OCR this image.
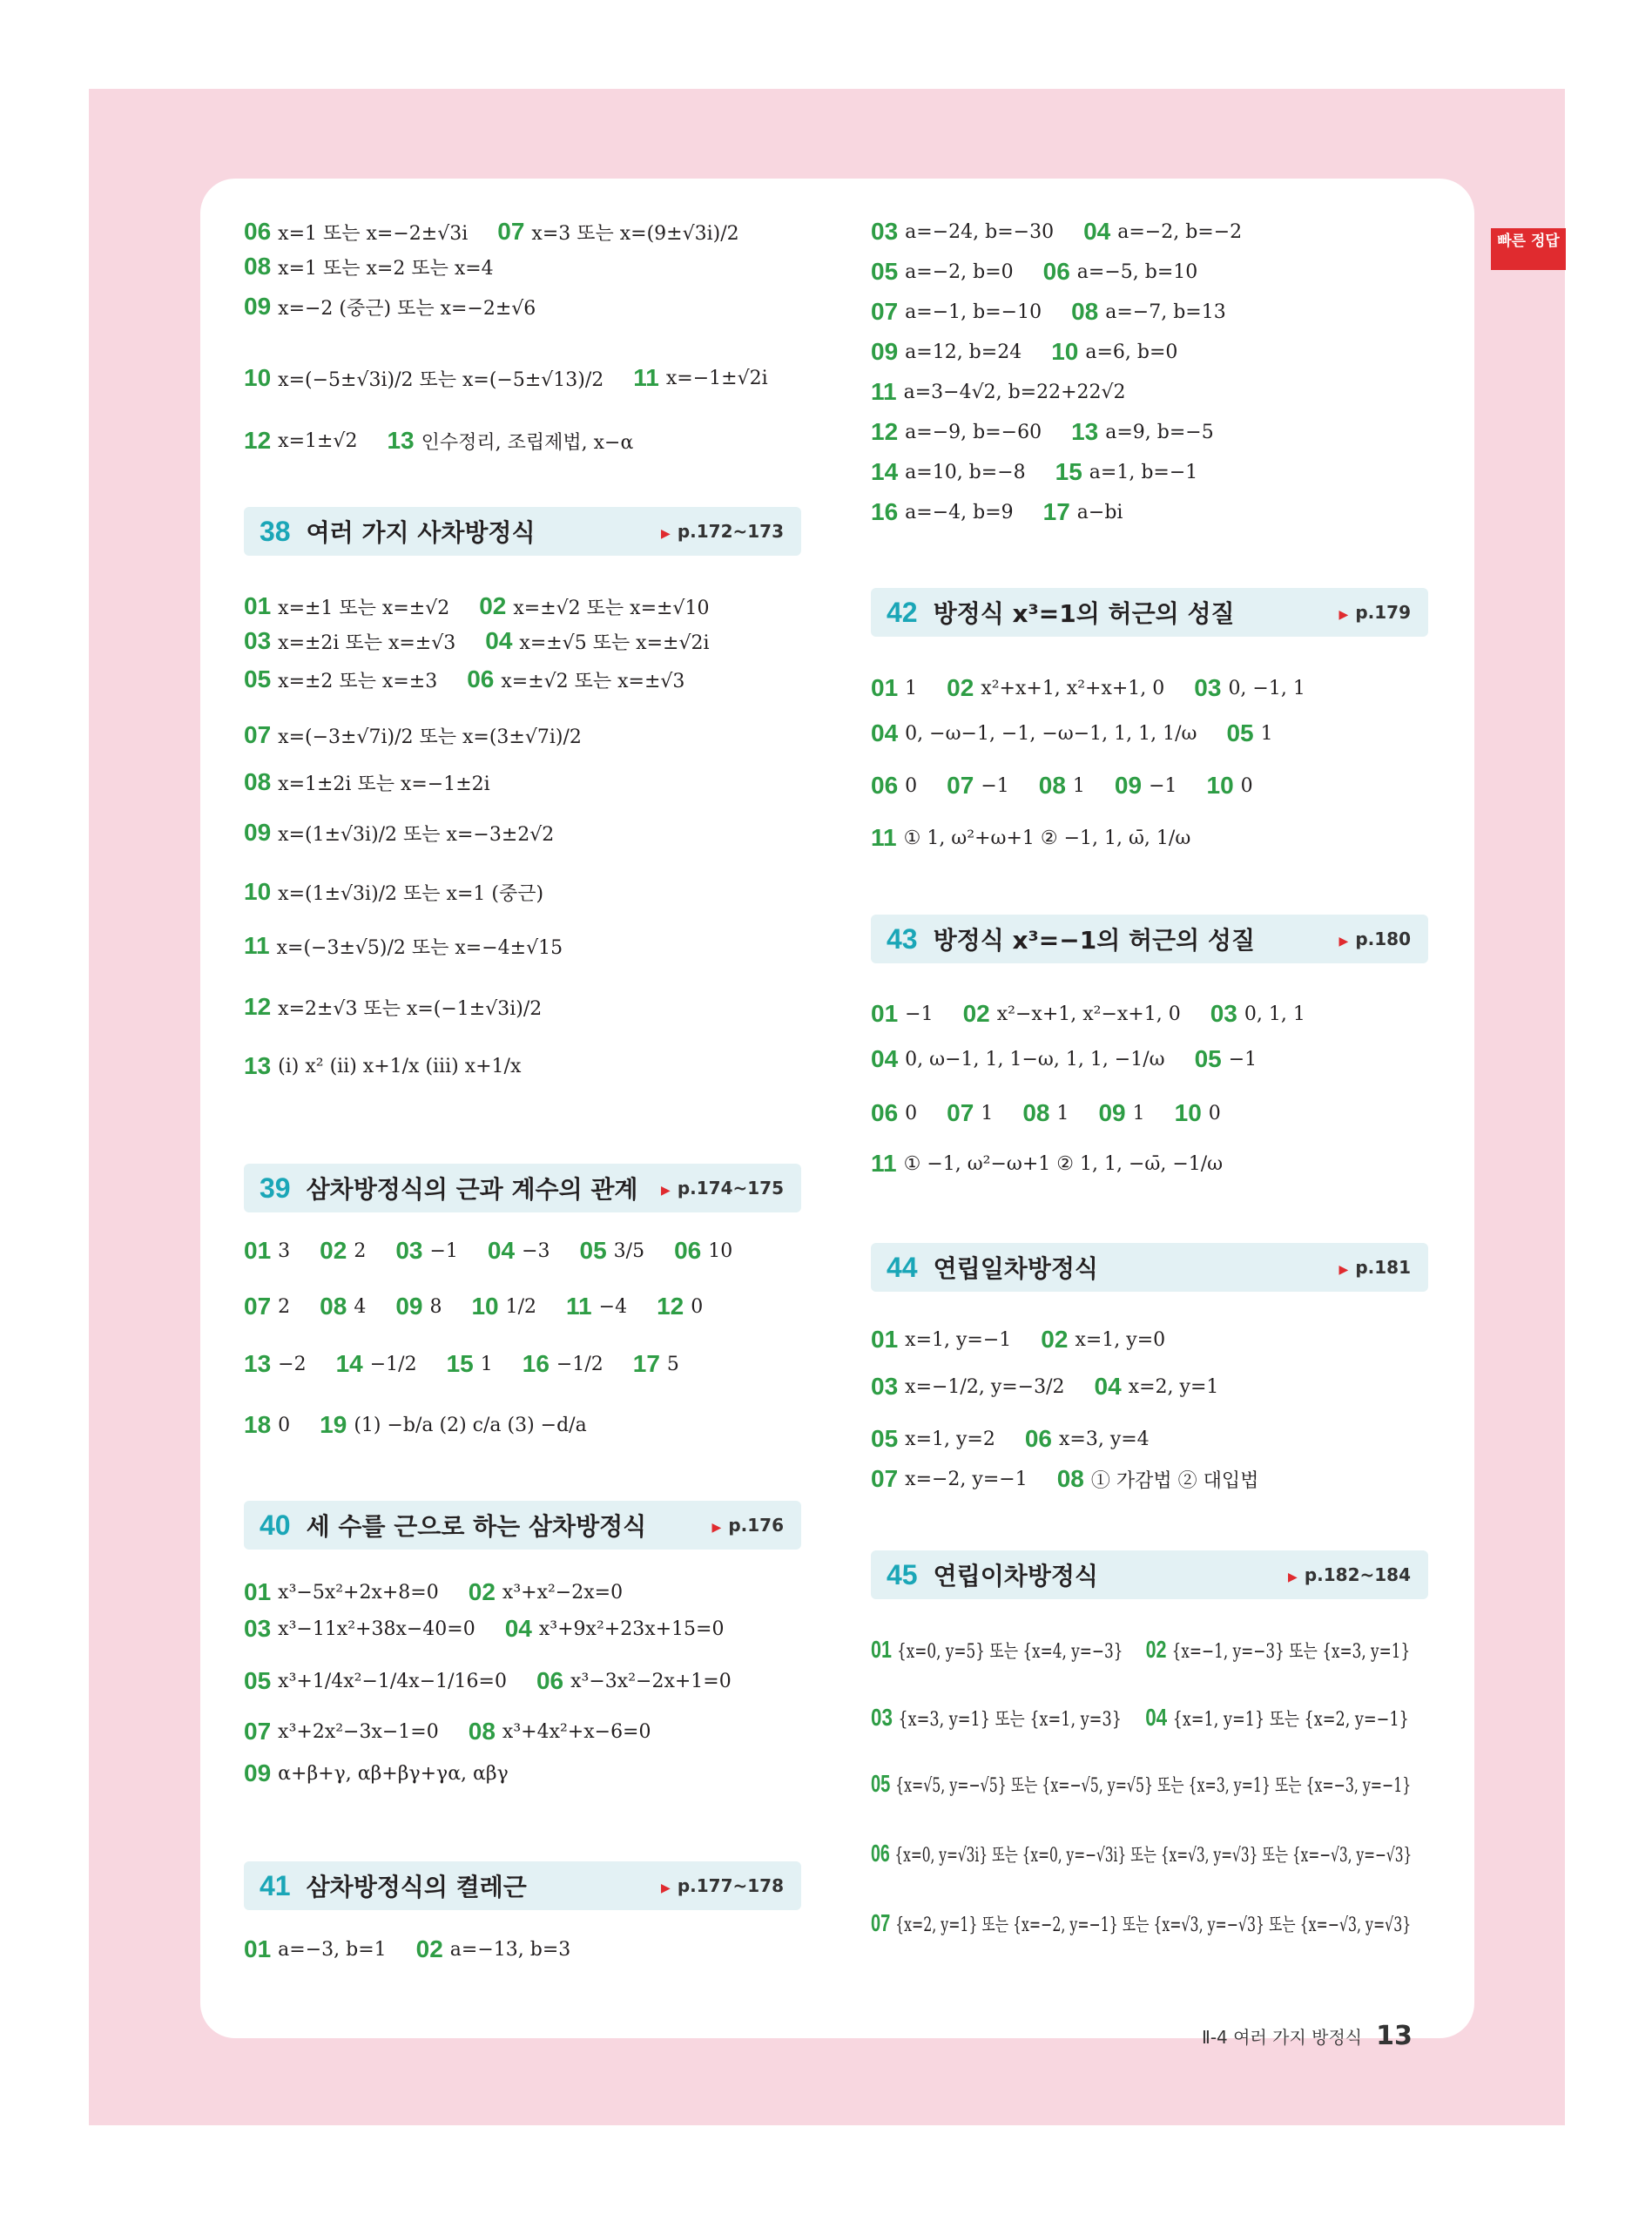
빠른 정답
06 x=1 또는 x=−2±√3i 07 x=3 또는 x=(9±√3i)/2
08 x=1 또는 x=2 또는 x=4
09 x=−2 (중근) 또는 x=−2±√6
10 x=(−5±√3i)/2 또는 x=(−5±√13)/2 11 x=−1±√2i
12 x=1±√2 13 인수정리, 조립제법, x−α
38 여러 가지 사차방정식	▶ p.172~173
01 x=±1 또는 x=±√2 02 x=±√2 또는 x=±√10
03 x=±2i 또는 x=±√3 04 x=±√5 또는 x=±√2i
05 x=±2 또는 x=±3 06 x=±√2 또는 x=±√3
07 x=(−3±√7i)/2 또는 x=(3±√7i)/2
08 x=1±2i 또는 x=−1±2i
09 x=(1±√3i)/2 또는 x=−3±2√2
10 x=(1±√3i)/2 또는 x=1 (중근)
11 x=(−3±√5)/2 또는 x=−4±√15
12 x=2±√3 또는 x=(−1±√3i)/2
13 (ⅰ) x² (ⅱ) x+1/x (ⅲ) x+1/x
39 삼차방정식의 근과 계수의 관계 ▶ p.174~175
01 3 02 2 03 −1 04 −3 05 3/5 06 10
07 2 08 4 09 8 10 1/2 11 −4 12 0
13 −2 14 −1/2 15 1 16 −1/2 17 5
18 0 19 (1) −b/a (2) c/a (3) −d/a
40 세 수를 근으로 하는 삼차방정식	▶ p.176
01 x³−5x²+2x+8=0 02 x³+x²−2x=0
03 x³−11x²+38x−40=0 04 x³+9x²+23x+15=0
05 x³+1/4x²−1/4x−1/16=0 06 x³−3x²−2x+1=0
07 x³+2x²−3x−1=0 08 x³+4x²+x−6=0
09 α+β+γ, αβ+βγ+γα, αβγ
41 삼차방정식의 켤레근	▶ p.177~178
01 a=−3, b=1 02 a=−13, b=3
03 a=−24, b=−30 04 a=−2, b=−2
05 a=−2, b=0 06 a=−5, b=10
07 a=−1, b=−10 08 a=−7, b=13
09 a=12, b=24 10 a=6, b=0
11 a=3−4√2, b=22+22√2
12 a=−9, b=−60 13 a=9, b=−5
14 a=10, b=−8 15 a=1, b=−1
16 a=−4, b=9 17 a−bi
42 방정식 x³=1의 허근의 성질	▶ p.179
01 1 02 x²+x+1, x²+x+1, 0 03 0, −1, 1
04 0, −ω−1, −1, −ω−1, 1, 1, 1/ω 05 1
06 0 07 −1 08 1 09 −1 10 0
11 ① 1, ω²+ω+1 ② −1, 1, ω̄, 1/ω
43 방정식 x³=−1의 허근의 성질	▶ p.180
01 −1 02 x²−x+1, x²−x+1, 0 03 0, 1, 1
04 0, ω−1, 1, 1−ω, 1, 1, −1/ω 05 −1
06 0 07 1 08 1 09 1 10 0
11 ① −1, ω²−ω+1 ② 1, 1, −ω̄, −1/ω
44 연립일차방정식	▶ p.181
01 x=1, y=−1 02 x=1, y=0
03 x=−1/2, y=−3/2 04 x=2, y=1
05 x=1, y=2 06 x=3, y=4
07 x=−2, y=−1 08 ① 가감법 ② 대입법
45 연립이차방정식	▶ p.182~184
01 {x=0, y=5} 또는 {x=4, y=−3} 02 {x=−1, y=−3} 또는 {x=3, y=1}
03 {x=3, y=1} 또는 {x=1, y=3} 04 {x=1, y=1} 또는 {x=2, y=−1}
05 {x=√5, y=−√5} 또는 {x=−√5, y=√5} 또는 {x=3, y=1} 또는 {x=−3, y=−1}
06 {x=0, y=√3i} 또는 {x=0, y=−√3i} 또는 {x=√3, y=√3} 또는 {x=−√3, y=−√3}
07 {x=2, y=1} 또는 {x=−2, y=−1} 또는 {x=√3, y=−√3} 또는 {x=−√3, y=√3}
Ⅱ-4 여러 가지 방정식 13
